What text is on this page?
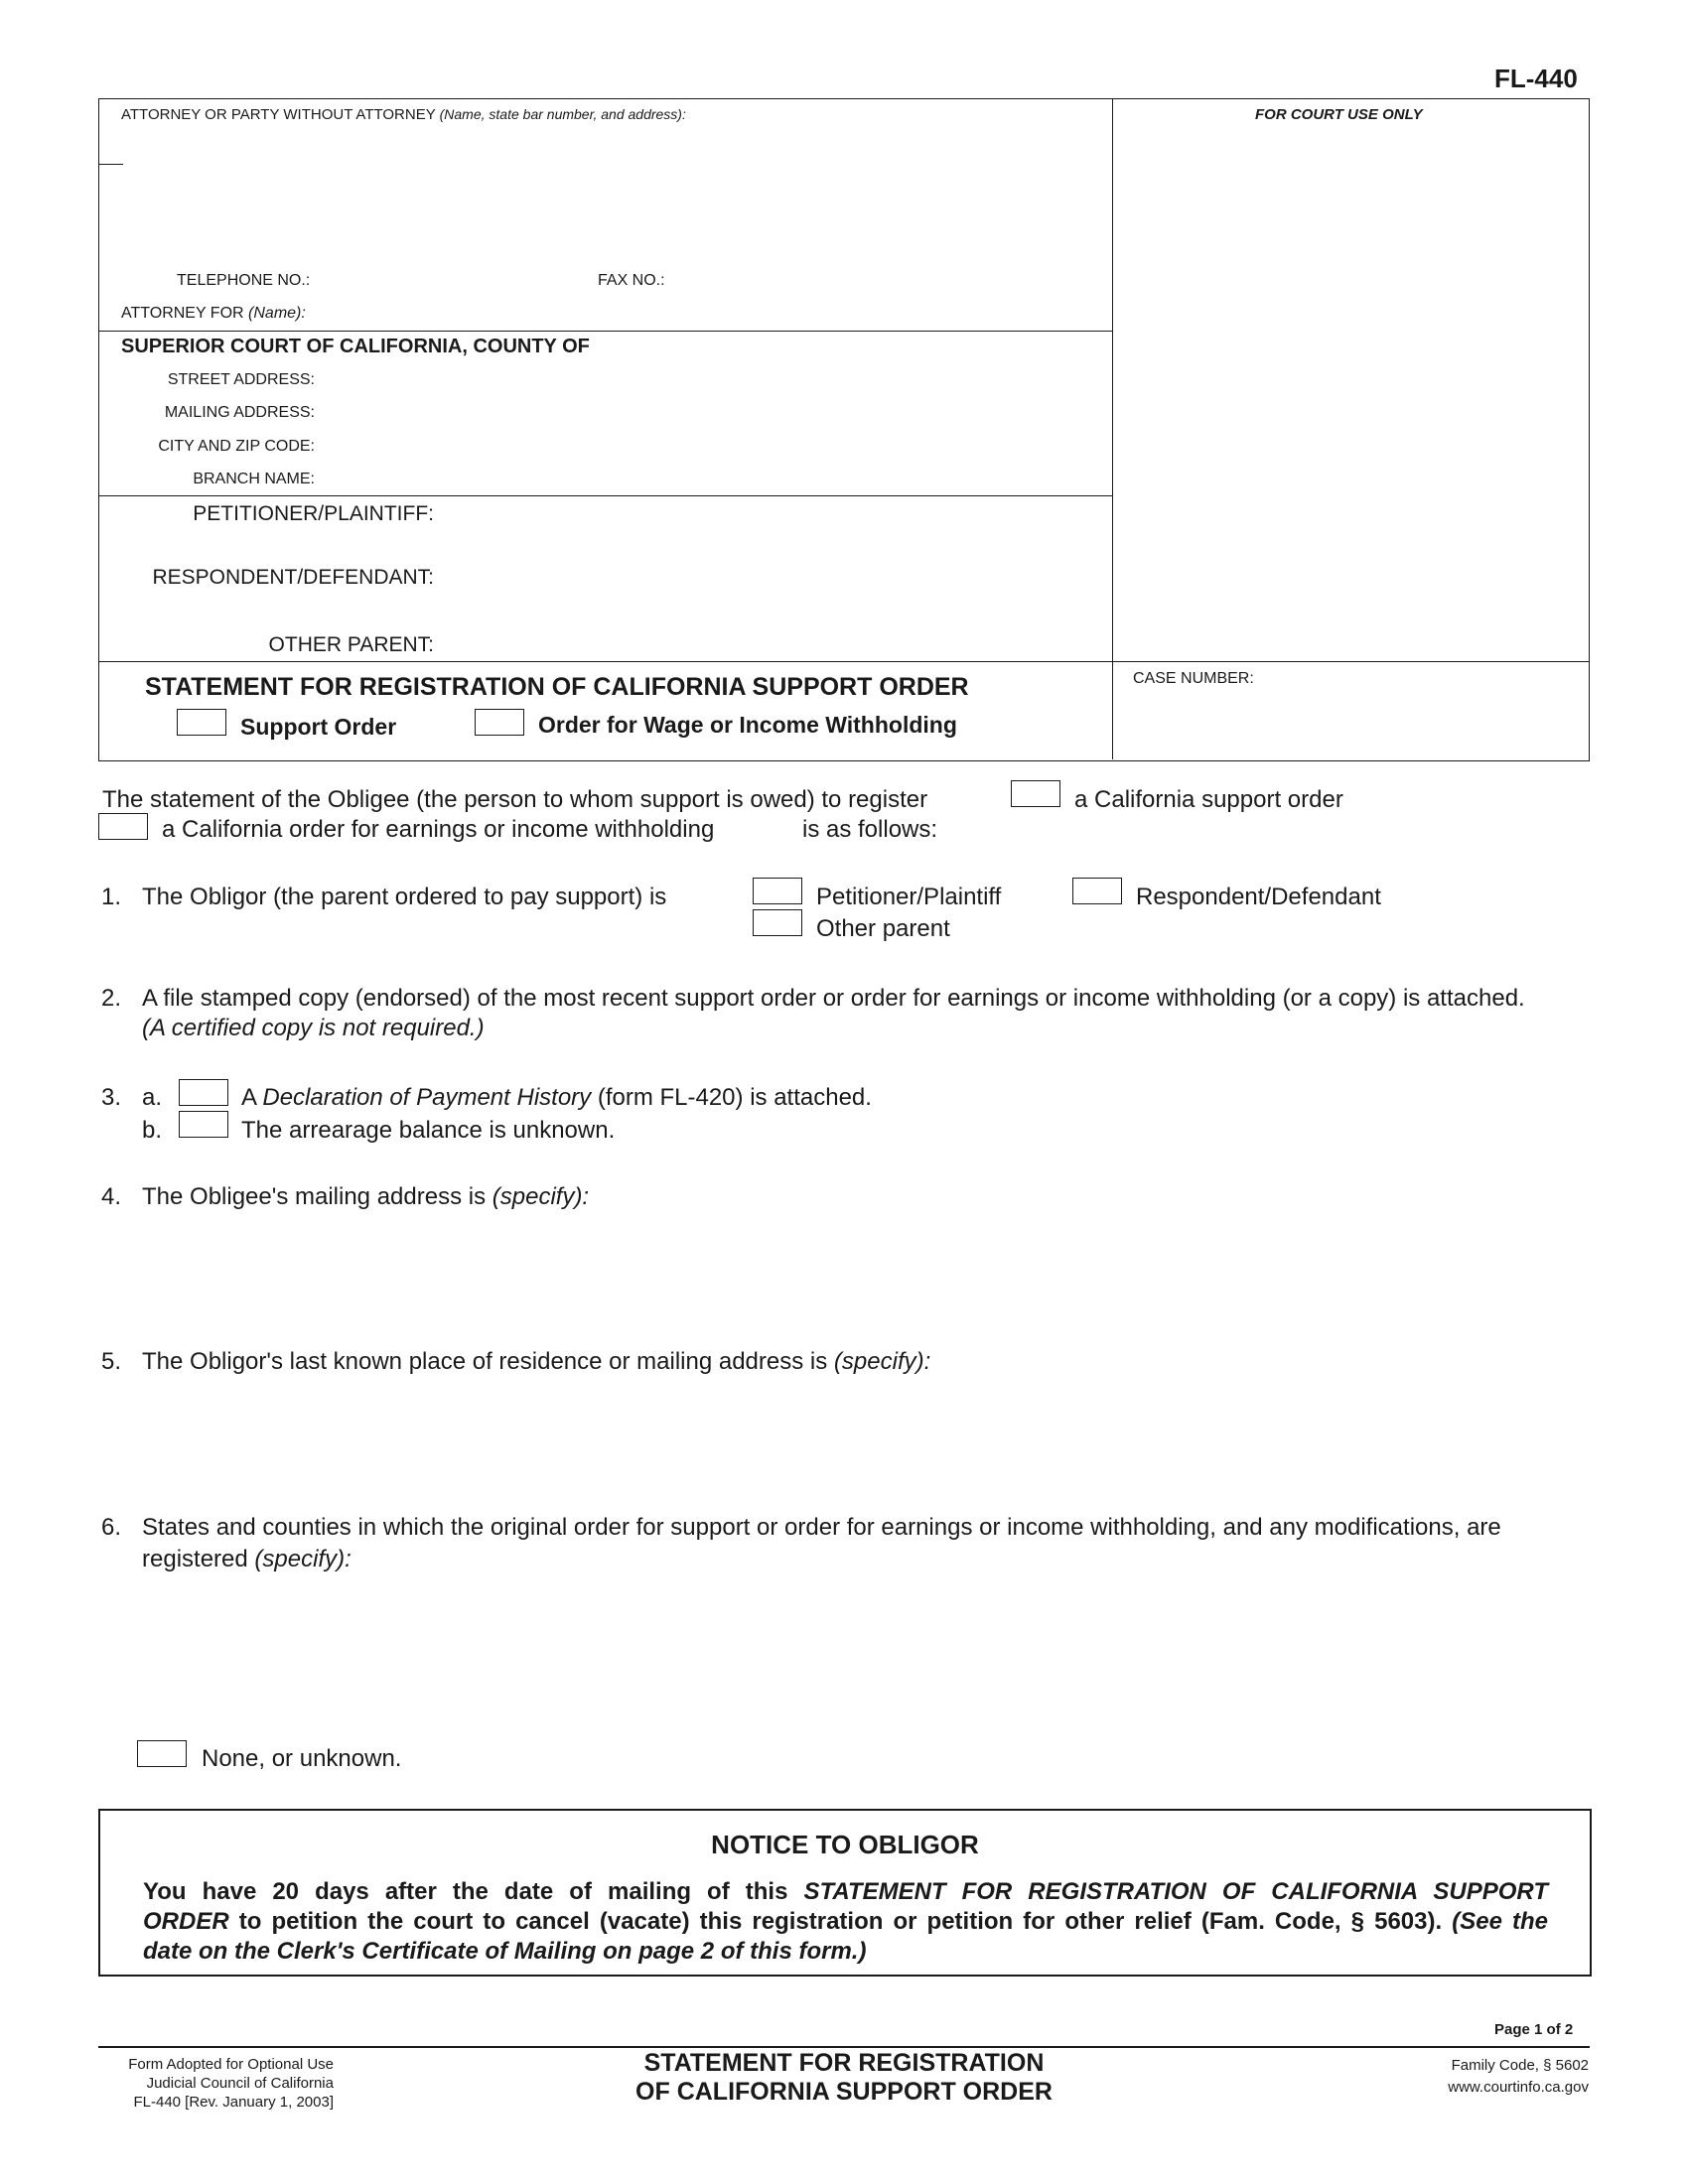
FL-440
ATTORNEY OR PARTY WITHOUT ATTORNEY (Name, state bar number, and address):	FOR COURT USE ONLY
TELEPHONE NO.:	FAX NO.:
ATTORNEY FOR (Name):
SUPERIOR COURT OF CALIFORNIA, COUNTY OF
STREET ADDRESS:
MAILING ADDRESS:
CITY AND ZIP CODE:
BRANCH NAME:
PETITIONER/PLAINTIFF:
RESPONDENT/DEFENDANT:
OTHER PARENT:
STATEMENT FOR REGISTRATION OF CALIFORNIA SUPPORT ORDER
Support Order	Order for Wage or Income Withholding
CASE NUMBER:
The statement of the Obligee (the person to whom support is owed) to register	a California support order
a California order for earnings or income withholding	is as follows:
1. The Obligor (the parent ordered to pay support) is	Petitioner/Plaintiff	Respondent/Defendant
Other parent
2. A file stamped copy (endorsed) of the most recent support order or order for earnings or income withholding (or a copy) is attached.
(A certified copy is not required.)
3. a.	A Declaration of Payment History (form FL-420) is attached.
b.	The arrearage balance is unknown.
4. The Obligee's mailing address is (specify):
5. The Obligor's last known place of residence or mailing address is (specify):
6. States and counties in which the original order for support or order for earnings or income withholding, and any modifications, are
registered (specify):
None, or unknown.
NOTICE TO OBLIGOR
You have 20 days after the date of mailing of this STATEMENT FOR REGISTRATION OF CALIFORNIA SUPPORT
ORDER to petition the court to cancel (vacate) this registration or petition for other relief (Fam. Code, § 5603). (See the
date on the Clerk's Certificate of Mailing on page 2 of this form.)
Page 1 of 2
Form Adopted for Optional Use
Judicial Council of California
FL-440 [Rev. January 1, 2003]
STATEMENT FOR REGISTRATION
OF CALIFORNIA SUPPORT ORDER
Family Code, § 5602
www.courtinfo.ca.gov
